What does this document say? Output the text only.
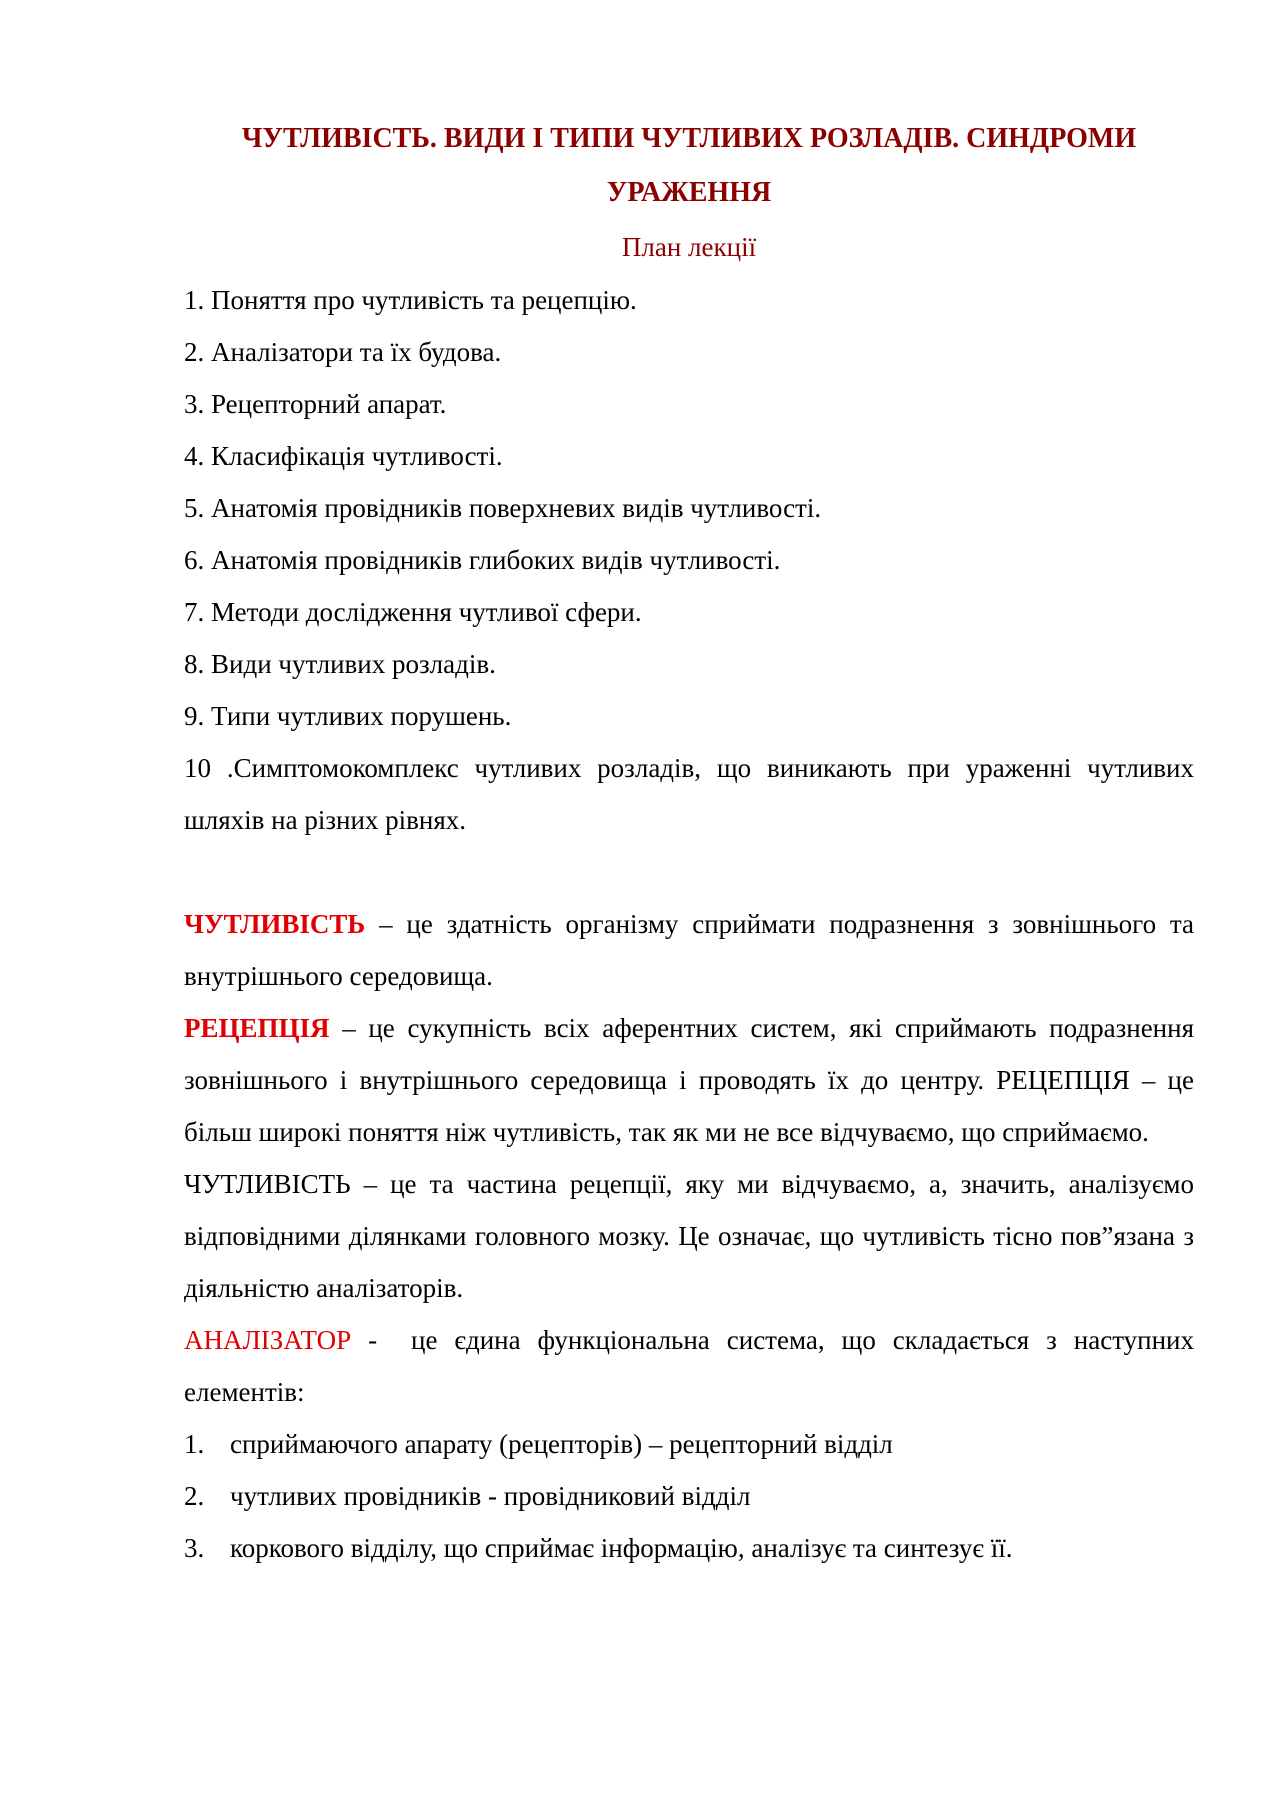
ЧУТЛИВІСТЬ. ВИДИ І ТИПИ ЧУТЛИВИХ РОЗЛАДІВ. СИНДРОМИ УРАЖЕННЯ

План лекції

1. Поняття про чутливість та рецепцію.
2. Аналізатори та їх будова.
3. Рецепторний апарат.
4. Класифікація чутливості.
5. Анатомія провідників поверхневих видів чутливості.
6. Анатомія провідників глибоких видів чутливості.
7. Методи дослідження чутливої сфери.
8. Види чутливих розладів.
9. Типи чутливих порушень.
10 .Симптомокомплекс чутливих розладів, що виникають при ураженні чутливих шляхів на різних рівнях.

ЧУТЛИВІСТЬ – це здатність організму сприймати подразнення з зовнішнього та внутрішнього середовища.

РЕЦЕПЦІЯ – це сукупність всіх аферентних систем, які сприймають подразнення зовнішнього і внутрішнього середовища і проводять їх до центру. РЕЦЕПЦІЯ – це більш широкі поняття ніж чутливість, так як ми не все відчуваємо, що сприймаємо.

ЧУТЛИВІСТЬ – це та частина рецепції, яку ми відчуваємо, а, значить, аналізуємо відповідними ділянками головного мозку. Це означає, що чутливість тісно пов”язана з діяльністю аналізаторів.

АНАЛІЗАТОР -  це єдина функціональна система, що складається з наступних елементів:

1. сприймаючого апарату (рецепторів) – рецепторний відділ
2. чутливих провідників - провідниковий відділ
3. коркового відділу, що сприймає інформацію, аналізує та синтезує її.
